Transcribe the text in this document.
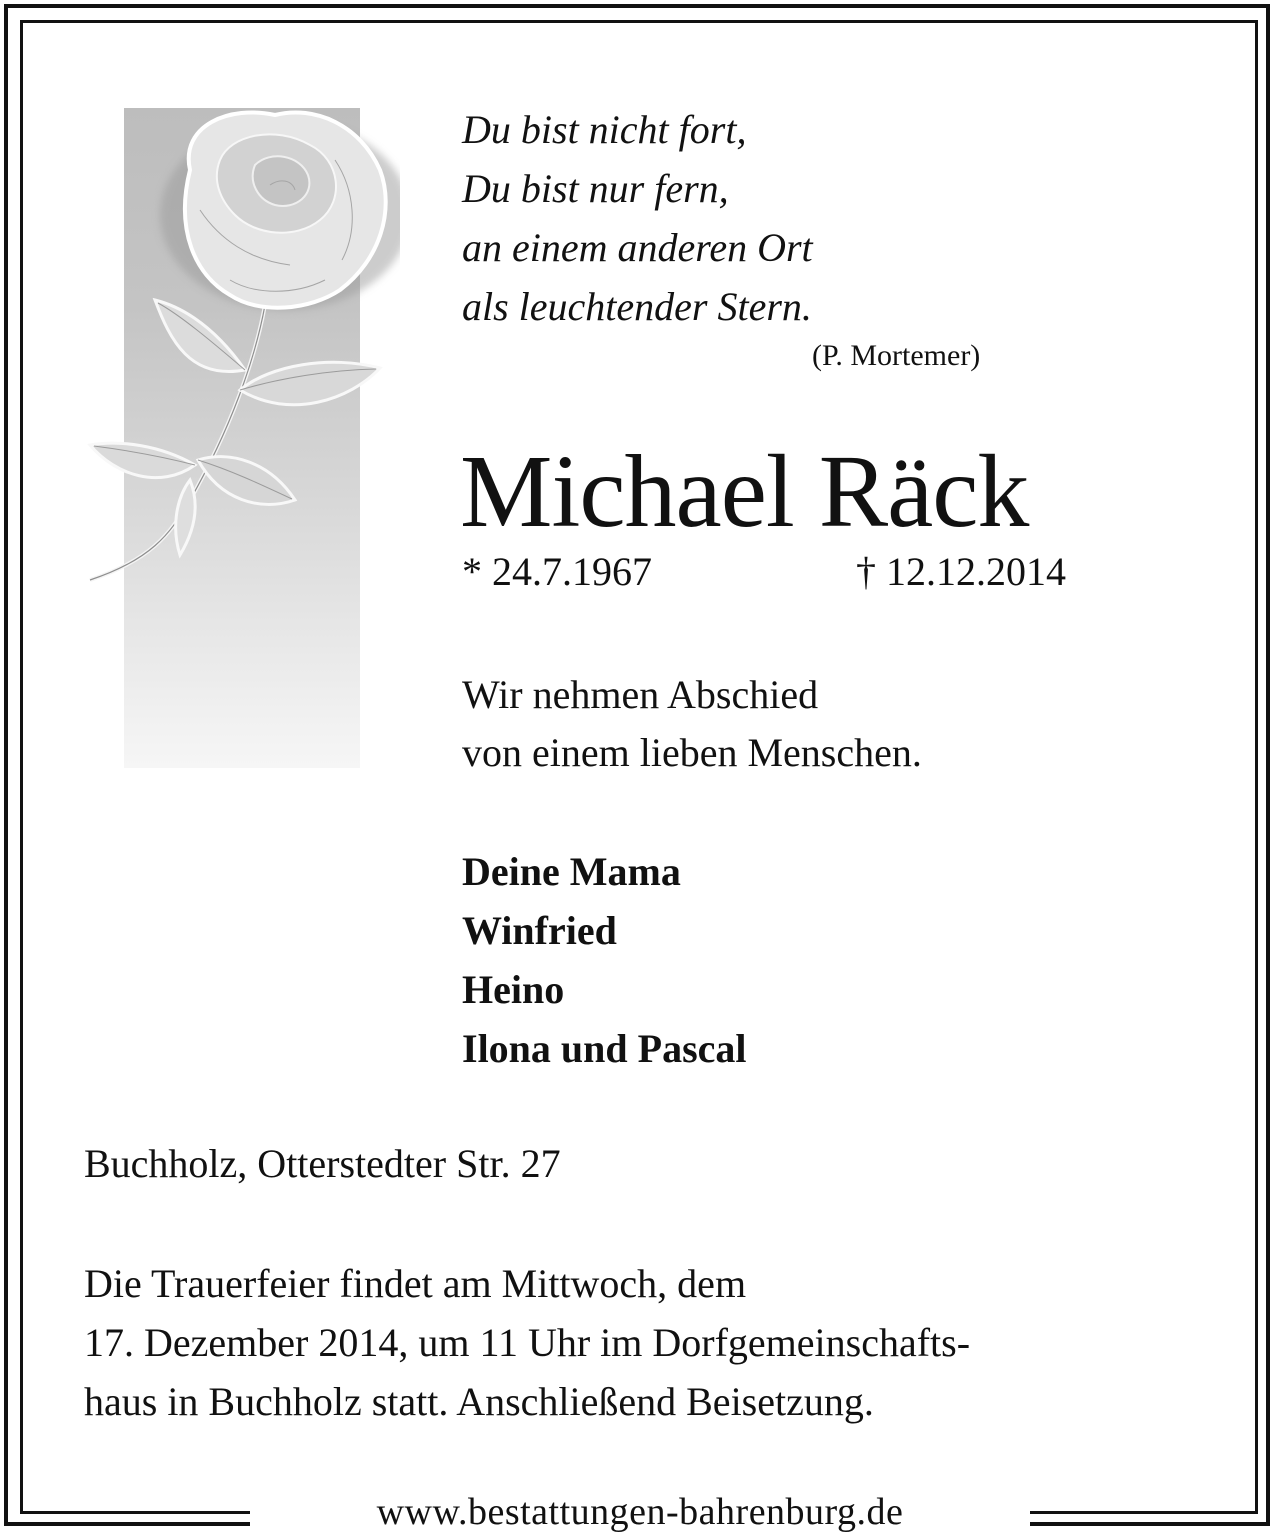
Du bist nicht fort,
Du bist nur fern,
an einem anderen Ort
als leuchtender Stern.
(P. Mortemer)
Michael Räck
* 24.7.1967	† 12.12.2014
Wir nehmen Abschied
von einem lieben Menschen.
Deine Mama
Winfried
Heino
Ilona und Pascal
Buchholz, Otterstedter Str. 27
Die Trauerfeier findet am Mittwoch, dem
17. Dezember 2014, um 11 Uhr im Dorfgemeinschafts-
haus in Buchholz statt. Anschließend Beisetzung.
www.bestattungen-bahrenburg.de
